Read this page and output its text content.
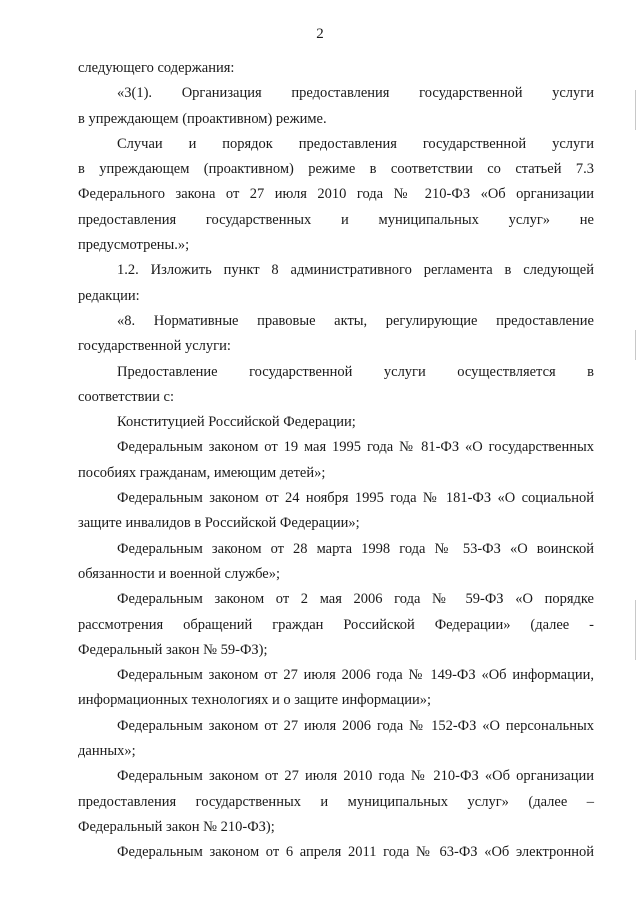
2
следующего содержания:
«3(1). Организация предоставления государственной услуги
в упреждающем (проактивном) режиме.
Случаи и порядок предоставления государственной услуги
в упреждающем (проактивном) режиме в соответствии со статьей 7.3
Федерального закона от 27 июля 2010 года № 210-ФЗ «Об организации
предоставления государственных и муниципальных услуг» не
предусмотрены.»;
1.2. Изложить пункт 8 административного регламента в следующей
редакции:
«8. Нормативные правовые акты, регулирующие предоставление
государственной услуги:
Предоставление государственной услуги осуществляется в
соответствии с:
Конституцией Российской Федерации;
Федеральным законом от 19 мая 1995 года № 81-ФЗ «О государственных
пособиях гражданам, имеющим детей»;
Федеральным законом от 24 ноября 1995 года № 181-ФЗ «О социальной
защите инвалидов в Российской Федерации»;
Федеральным законом от 28 марта 1998 года № 53-ФЗ «О воинской
обязанности и военной службе»;
Федеральным законом от 2 мая 2006 года № 59-ФЗ «О порядке
рассмотрения обращений граждан Российской Федерации» (далее -
Федеральный закон № 59-ФЗ);
Федеральным законом от 27 июля 2006 года № 149-ФЗ «Об информации,
информационных технологиях и о защите информации»;
Федеральным законом от 27 июля 2006 года № 152-ФЗ «О персональных
данных»;
Федеральным законом от 27 июля 2010 года № 210-ФЗ «Об организации
предоставления государственных и муниципальных услуг» (далее –
Федеральный закон № 210-ФЗ);
Федеральным законом от 6 апреля 2011 года № 63-ФЗ «Об электронной
